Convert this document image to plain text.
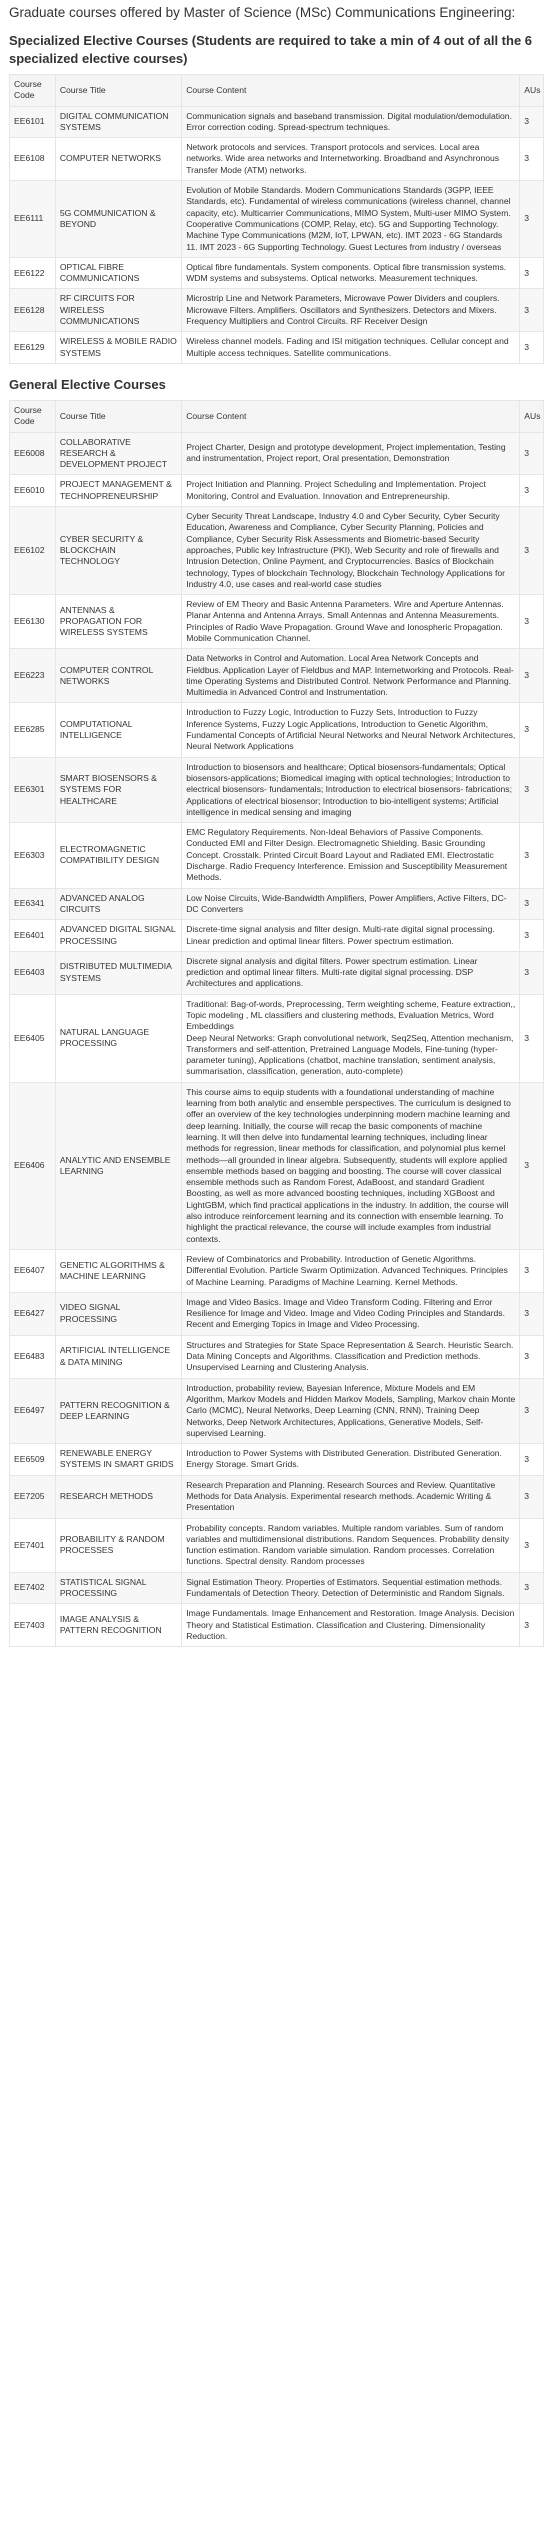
Graduate courses offered by Master of Science (MSc) Communications Engineering:
Specialized Elective Courses (Students are required to take a min of 4 out of all the 6 specialized elective courses)
Course Code	Course Title	Course Content	AUs
EE6101	DIGITAL COMMUNICATION SYSTEMS	Communication signals and baseband transmission. Digital modulation/demodulation. Error correction coding. Spread-spectrum techniques.	3
EE6108	COMPUTER NETWORKS	Network protocols and services. Transport protocols and services. Local area networks. Wide area networks and Internetworking. Broadband and Asynchronous Transfer Mode (ATM) networks.	3
EE6111	5G COMMUNICATION & BEYOND	Evolution of Mobile Standards. Modern Communications Standards (3GPP, IEEE Standards, etc). Fundamental of wireless communications (wireless channel, channel capacity, etc). Multicarrier Communications, MIMO System, Multi-user MIMO System. Cooperative Communications (COMP, Relay, etc). 5G and Supporting Technology. Machine Type Communications (M2M, IoT, LPWAN, etc). IMT 2023 - 6G Standards 11. IMT 2023 - 6G Supporting Technology. Guest Lectures from industry / overseas	3
EE6122	OPTICAL FIBRE COMMUNICATIONS	Optical fibre fundamentals. System components. Optical fibre transmission systems. WDM systems and subsystems. Optical networks. Measurement techniques.	3
EE6128	RF CIRCUITS FOR WIRELESS COMMUNICATIONS	Microstrip Line and Network Parameters, Microwave Power Dividers and couplers. Microwave Filters. Amplifiers. Oscillators and Synthesizers. Detectors and Mixers. Frequency Multipliers and Control Circuits. RF Receiver Design	3
EE6129	WIRELESS & MOBILE RADIO SYSTEMS	Wireless channel models. Fading and ISI mitigation techniques. Cellular concept and Multiple access techniques. Satellite communications.	3
General Elective Courses
Course Code	Course Title	Course Content	AUs
EE6008	COLLABORATIVE RESEARCH & DEVELOPMENT PROJECT	Project Charter, Design and prototype development, Project implementation, Testing and instrumentation, Project report, Oral presentation, Demonstration	3
EE6010	PROJECT MANAGEMENT & TECHNOPRENEURSHIP	Project Initiation and Planning. Project Scheduling and Implementation. Project Monitoring, Control and Evaluation. Innovation and Entrepreneurship.	3
EE6102	CYBER SECURITY & BLOCKCHAIN TECHNOLOGY	Cyber Security Threat Landscape, Industry 4.0 and Cyber Security, Cyber Security Education, Awareness and Compliance, Cyber Security Planning, Policies and Compliance, Cyber Security Risk Assessments and Biometric-based Security approaches, Public key Infrastructure (PKI), Web Security and role of firewalls and Intrusion Detection, Online Payment, and Cryptocurrencies. Basics of Blockchain technology, Types of blockchain Technology, Blockchain Technology Applications for Industry 4.0, use cases and real-world case studies	3
EE6130	ANTENNAS & PROPAGATION FOR WIRELESS SYSTEMS	Review of EM Theory and Basic Antenna Parameters. Wire and Aperture Antennas. Planar Antenna and Antenna Arrays. Small Antennas and Antenna Measurements. Principles of Radio Wave Propagation. Ground Wave and Ionospheric Propagation. Mobile Communication Channel.	3
EE6223	COMPUTER CONTROL NETWORKS	Data Networks in Control and Automation. Local Area Network Concepts and Fieldbus. Application Layer of Fieldbus and MAP. Internetworking and Protocols. Real-time Operating Systems and Distributed Control. Network Performance and Planning. Multimedia in Advanced Control and Instrumentation.	3
EE6285	COMPUTATIONAL INTELLIGENCE	Introduction to Fuzzy Logic, Introduction to Fuzzy Sets, Introduction to Fuzzy Inference Systems, Fuzzy Logic Applications, Introduction to Genetic Algorithm, Fundamental Concepts of Artificial Neural Networks and Neural Network Architectures, Neural Network Applications	3
EE6301	SMART BIOSENSORS & SYSTEMS FOR HEALTHCARE	Introduction to biosensors and healthcare; Optical biosensors-fundamentals; Optical biosensors-applications; Biomedical imaging with optical technologies; Introduction to electrical biosensors- fundamentals; Introduction to electrical biosensors- fabrications; Applications of electrical biosensor; Introduction to bio-intelligent systems; Artificial intelligence in medical sensing and imaging	3
EE6303	ELECTROMAGNETIC COMPATIBILITY DESIGN	EMC Regulatory Requirements. Non-Ideal Behaviors of Passive Components. Conducted EMI and Filter Design. Electromagnetic Shielding. Basic Grounding Concept. Crosstalk. Printed Circuit Board Layout and Radiated EMI. Electrostatic Discharge. Radio Frequency Interference. Emission and Susceptibility Measurement Methods.	3
EE6341	ADVANCED ANALOG CIRCUITS	Low Noise Circuits, Wide-Bandwidth Amplifiers, Power Amplifiers, Active Filters, DC-DC Converters	3
EE6401	ADVANCED DIGITAL SIGNAL PROCESSING	Discrete-time signal analysis and filter design. Multi-rate digital signal processing. Linear prediction and optimal linear filters. Power spectrum estimation.	3
EE6403	DISTRIBUTED MULTIMEDIA SYSTEMS	Discrete signal analysis and digital filters. Power spectrum estimation. Linear prediction and optimal linear filters. Multi-rate digital signal processing. DSP Architectures and applications.	3
EE6405	NATURAL LANGUAGE PROCESSING	Traditional: Bag-of-words, Preprocessing, Term weighting scheme, Feature extraction,, Topic modeling , ML classifiers and clustering methods, Evaluation Metrics, Word Embeddings
Deep Neural Networks: Graph convolutional network, Seq2Seq, Attention mechanism, Transformers and self-attention, Pretrained Language Models, Fine-tuning (hyper-parameter tuning), Applications (chatbot, machine translation, sentiment analysis, summarisation, classification, generation, auto-complete)	3
EE6406	ANALYTIC AND ENSEMBLE LEARNING	This course aims to equip students with a foundational understanding of machine learning from both analytic and ensemble perspectives. The curriculum is designed to offer an overview of the key technologies underpinning modern machine learning and deep learning. Initially, the course will recap the basic components of machine learning. It will then delve into fundamental learning techniques, including linear methods for regression, linear methods for classification, and polynomial plus kernel methods—all grounded in linear algebra. Subsequently, students will explore applied ensemble methods based on bagging and boosting. The course will cover classical ensemble methods such as Random Forest, AdaBoost, and standard Gradient Boosting, as well as more advanced boosting techniques, including XGBoost and LightGBM, which find practical applications in the industry. In addition, the course will also introduce reinforcement learning and its connection with ensemble learning. To highlight the practical relevance, the course will include examples from industrial contexts.	3
EE6407	GENETIC ALGORITHMS & MACHINE LEARNING	Review of Combinatorics and Probability. Introduction of Genetic Algorithms. Differential Evolution. Particle Swarm Optimization. Advanced Techniques. Principles of Machine Learning. Paradigms of Machine Learning. Kernel Methods.	3
EE6427	VIDEO SIGNAL PROCESSING	Image and Video Basics. Image and Video Transform Coding. Filtering and Error Resilience for Image and Video. Image and Video Coding Principles and Standards. Recent and Emerging Topics in Image and Video Processing.	3
EE6483	ARTIFICIAL INTELLIGENCE & DATA MINING	Structures and Strategies for State Space Representation & Search. Heuristic Search. Data Mining Concepts and Algorithms. Classification and Prediction methods. Unsupervised Learning and Clustering Analysis.	3
EE6497	PATTERN RECOGNITION & DEEP LEARNING	Introduction, probability review, Bayesian Inference, Mixture Models and EM Algorithm, Markov Models and Hidden Markov Models, Sampling, Markov chain Monte Carlo (MCMC), Neural Networks, Deep Learning (CNN, RNN), Training Deep Networks, Deep Network Architectures, Applications, Generative Models, Self-supervised Learning.	3
EE6509	RENEWABLE ENERGY SYSTEMS IN SMART GRIDS	Introduction to Power Systems with Distributed Generation. Distributed Generation. Energy Storage. Smart Grids.	3
EE7205	RESEARCH METHODS	Research Preparation and Planning. Research Sources and Review. Quantitative Methods for Data Analysis. Experimental research methods. Academic Writing & Presentation	3
EE7401	PROBABILITY & RANDOM PROCESSES	Probability concepts. Random variables. Multiple random variables. Sum of random variables and multidimensional distributions. Random Sequences. Probability density function estimation. Random variable simulation. Random processes. Correlation functions. Spectral density. Random processes	3
EE7402	STATISTICAL SIGNAL PROCESSING	Signal Estimation Theory. Properties of Estimators. Sequential estimation methods. Fundamentals of Detection Theory. Detection of Deterministic and Random Signals.	3
EE7403	IMAGE ANALYSIS & PATTERN RECOGNITION	Image Fundamentals. Image Enhancement and Restoration. Image Analysis. Decision Theory and Statistical Estimation. Classification and Clustering. Dimensionality Reduction.	3
